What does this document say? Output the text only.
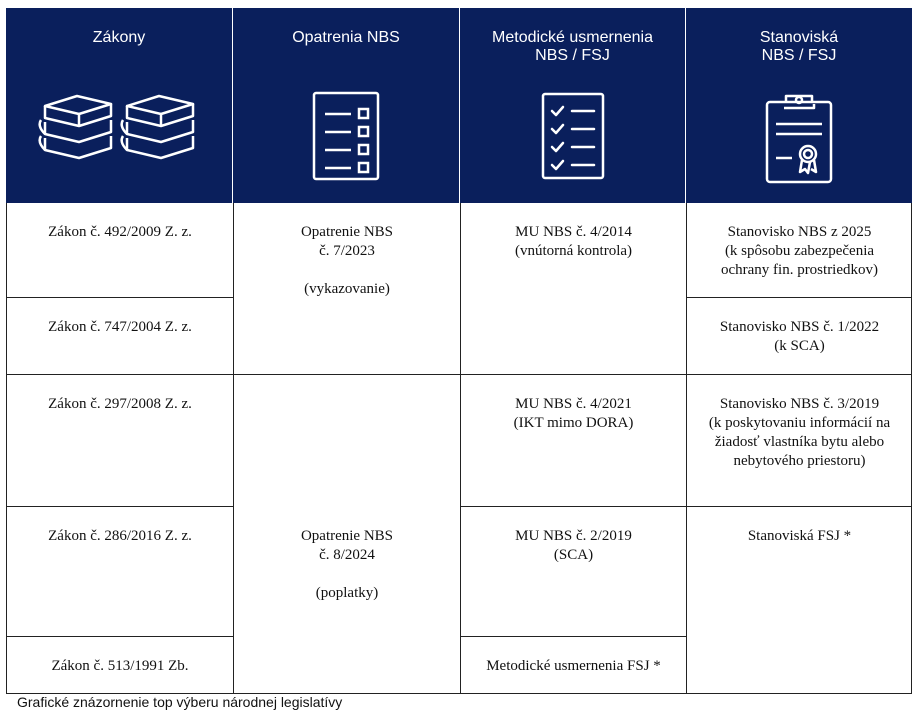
Zákony	Opatrenia NBS	Metodické usmernenia
NBS / FSJ
Stanoviská
NBS / FSJ
Zákon č. 492/2009 Z. z.
Zákon č. 747/2004 Z. z.
Zákon č. 297/2008 Z. z.
Zákon č. 286/2016 Z. z.
Zákon č. 513/1991 Zb.
Opatrenie NBS
č. 7/2023
(vykazovanie)
Opatrenie NBS
č. 8/2024
(poplatky)
MU NBS č. 4/2014
(vnútorná kontrola)
MU NBS č. 4/2021
(IKT mimo DORA)
MU NBS č. 2/2019
(SCA)
Metodické usmernenia FSJ *
Stanovisko NBS z 2025
(k spôsobu zabezpečenia
ochrany fin. prostriedkov)
Stanovisko NBS č. 1/2022
(k SCA)
Stanovisko NBS č. 3/2019
(k poskytovaniu informácií na
žiadosť vlastníka bytu alebo
nebytového priestoru)
Stanoviská FSJ *
Grafické znázornenie top výberu národnej legislatívy
